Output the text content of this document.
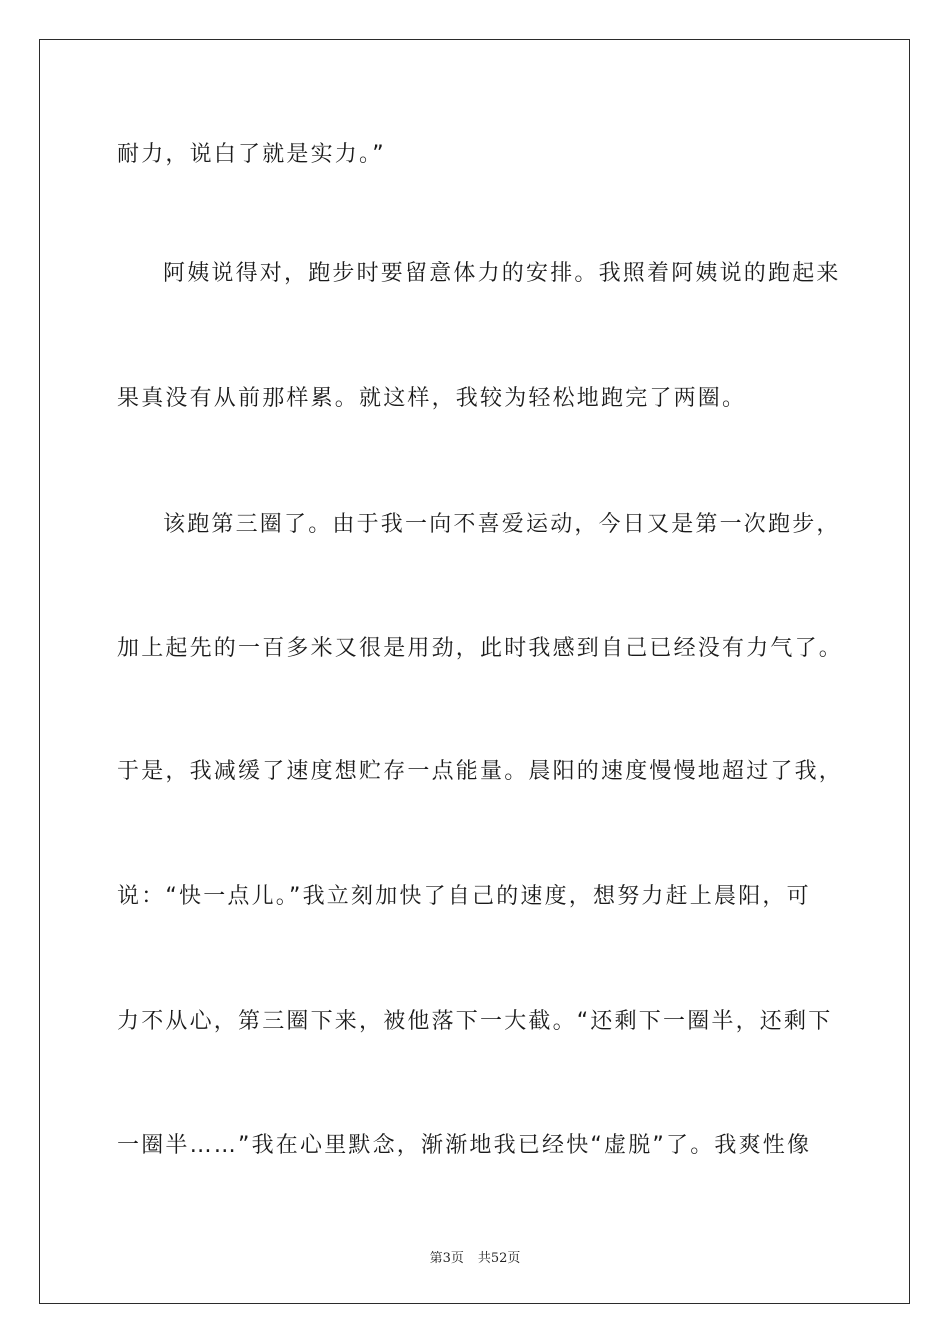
耐力，说白了就是实力。”
阿姨说得对，跑步时要留意体力的安排。我照着阿姨说的跑起来
果真没有从前那样累。就这样，我较为轻松地跑完了两圈。
该跑第三圈了。由于我一向不喜爱运动，今日又是第一次跑步，
加上起先的一百多米又很是用劲，此时我感到自己已经没有力气了。
于是，我减缓了速度想贮存一点能量。晨阳的速度慢慢地超过了我，
说：“快一点儿。”我立刻加快了自己的速度，想努力赶上晨阳，可
力不从心，第三圈下来，被他落下一大截。“还剩下一圈半，还剩下
一圈半……”我在心里默念，渐渐地我已经快“虚脱”了。我爽性像
第3页 共52页
